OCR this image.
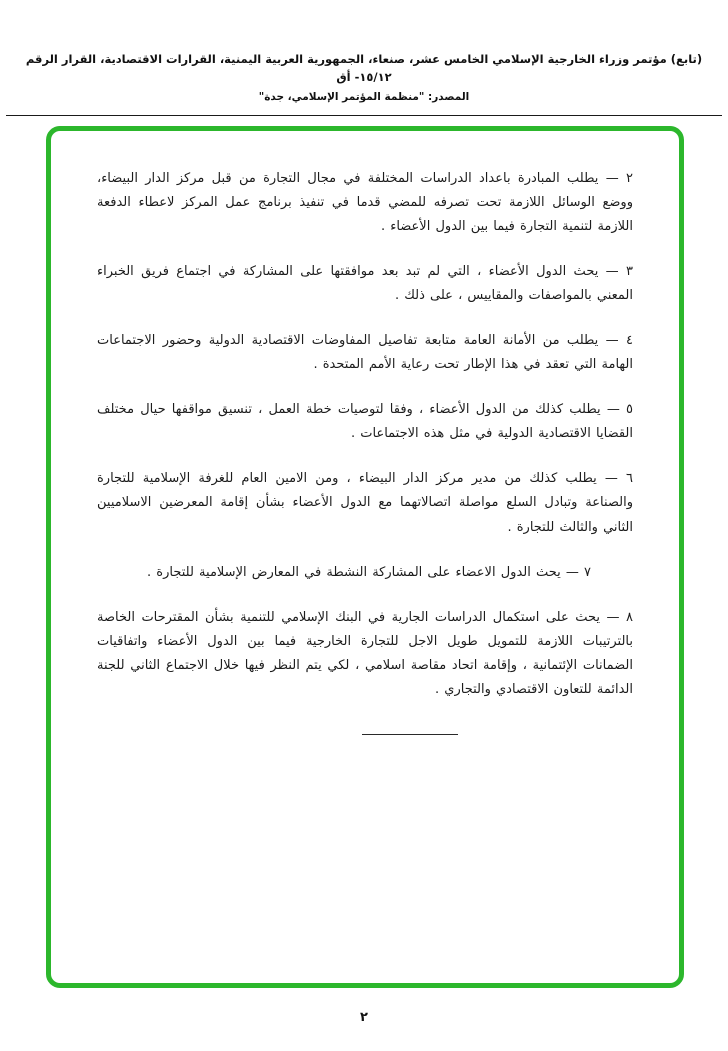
(تابع) مؤتمر وزراء الخارجية الإسلامي الخامس عشر، صنعاء، الجمهورية العربية اليمنية، القرارات الاقتصادية، القرار الرقم ١٥/١٢- أق
المصدر: "منظمة المؤتمر الإسلامي، جدة"
٢ — يطلب المبادرة باعداد الدراسات المختلفة في مجال التجارة من قبل مركز الدار البيضاء، ووضع الوسائل اللازمة تحت تصرفه للمضي قدما في تنفيذ برنامج عمل المركز لاعطاء الدفعة اللازمة لتنمية التجارة فيما بين الدول الأعضاء .
٣ — يحث الدول الأعضاء ، التي لم تبد بعد موافقتها على المشاركة في اجتماع فريق الخبراء المعني بالمواصفات والمقاييس ، على ذلك .
٤ — يطلب من الأمانة العامة متابعة تفاصيل المفاوضات الاقتصادية الدولية وحضور الاجتماعات الهامة التي تعقد في هذا الإطار تحت رعاية الأمم المتحدة .
٥ — يطلب كذلك من الدول الأعضاء ، وفقا لتوصيات خطة العمل ، تنسيق مواقفها حيال مختلف القضايا الاقتصادية الدولية في مثل هذه الاجتماعات .
٦ — يطلب كذلك من مدير مركز الدار البيضاء ، ومن الامين العام للغرفة الإسلامية للتجارة والصناعة وتبادل السلع مواصلة اتصالاتهما مع الدول الأعضاء بشأن إقامة المعرضين الاسلاميين الثاني والثالث للتجارة .
٧ — يحث الدول الاعضاء على المشاركة النشطة في المعارض الإسلامية للتجارة .
٨ — يحث على استكمال الدراسات الجارية في البنك الإسلامي للتنمية بشأن المقترحات الخاصة بالترتيبات اللازمة للتمويل طويل الاجل للتجارة الخارجية فيما بين الدول الأعضاء واتفاقيات الضمانات الإئتمانية ، وإقامة اتحاد مقاصة اسلامي ، لكي يتم النظر فيها خلال الاجتماع الثاني للجنة الدائمة للتعاون الاقتصادي والتجاري .
٢
